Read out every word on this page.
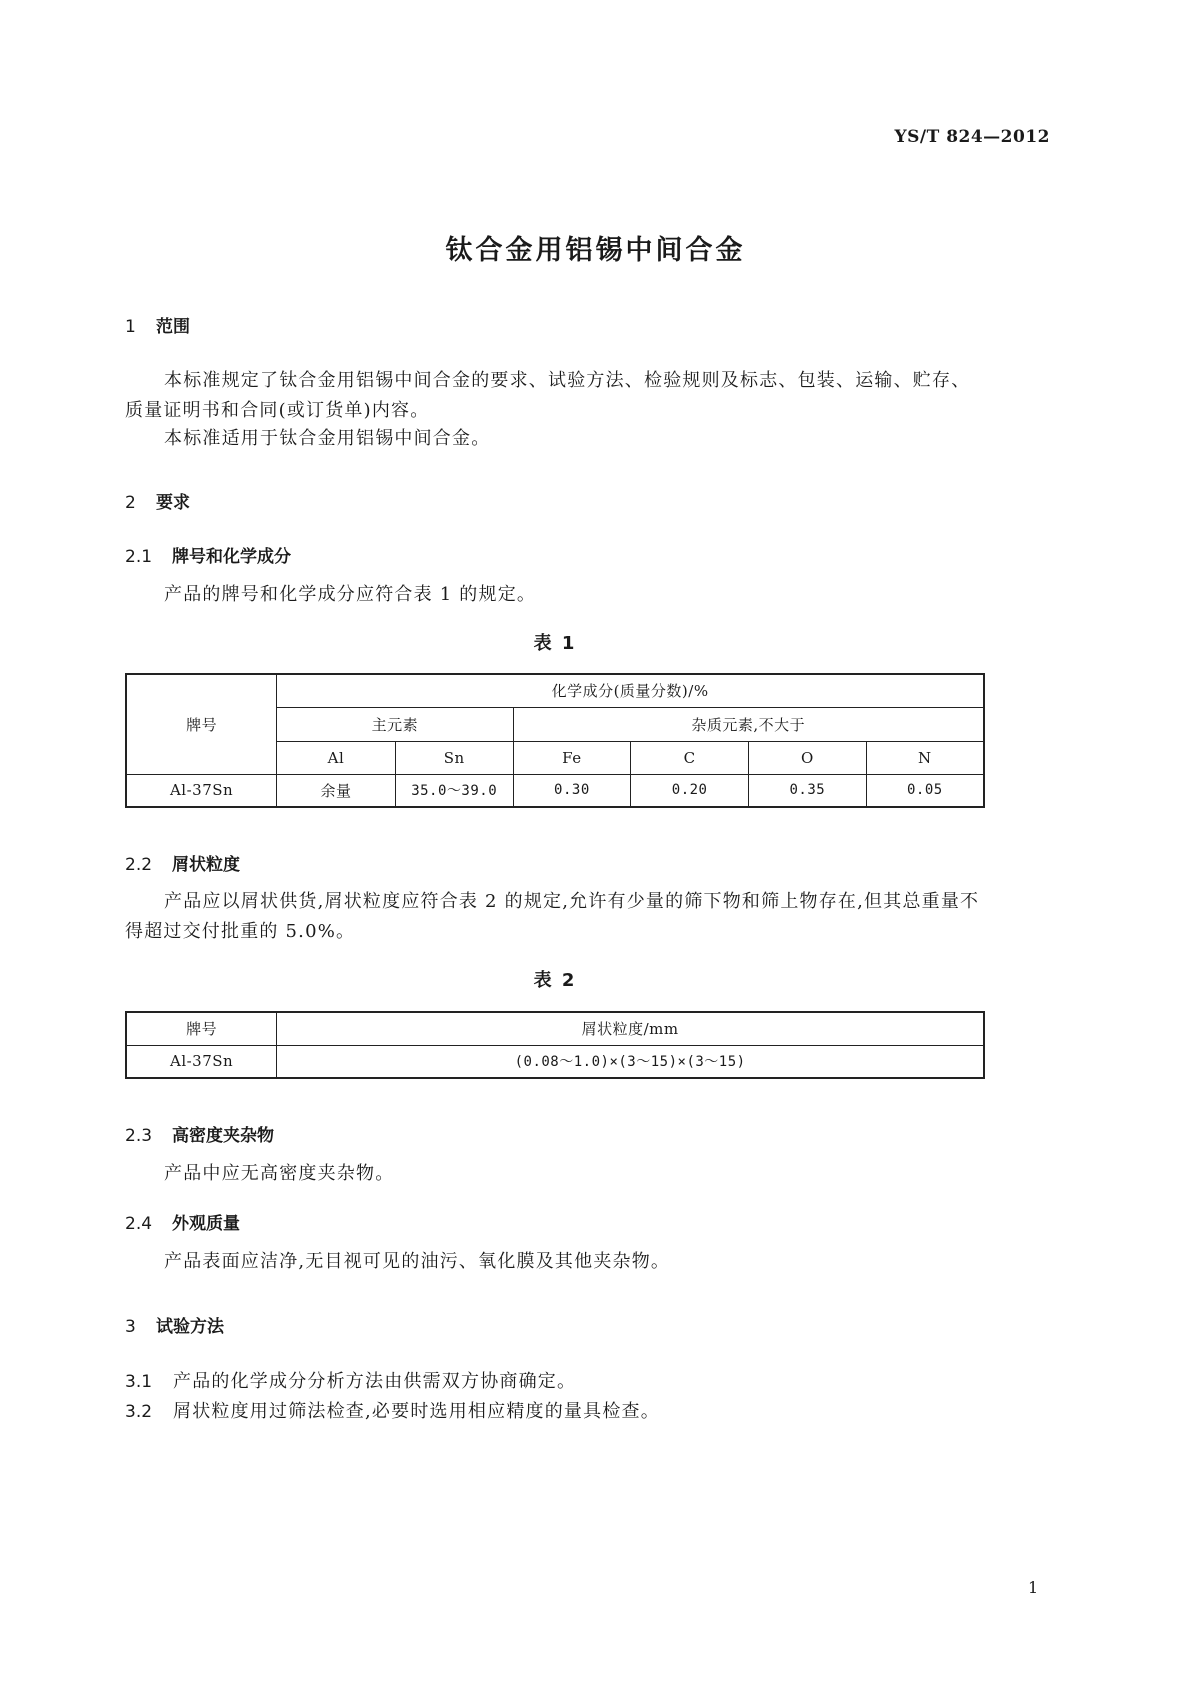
YS/T 824—2012
钛合金用铝锡中间合金
1 范围
本标准规定了钛合金用铝锡中间合金的要求、试验方法、检验规则及标志、包装、运输、贮存、质量证明书和合同(或订货单)内容。
本标准适用于钛合金用铝锡中间合金。
2 要求
2.1 牌号和化学成分
产品的牌号和化学成分应符合表 1 的规定。
表 1
牌号	化学成分(质量分数)/%					
	主元素		杂质元素,不大于			
	Al	Sn	Fe	C	O	N
Al-37Sn	余量	35.0～39.0	0.30	0.20	0.35	0.05
2.2 屑状粒度
产品应以屑状供货,屑状粒度应符合表 2 的规定,允许有少量的筛下物和筛上物存在,但其总重量不得超过交付批重的 5.0%。
表 2
牌号	屑状粒度/mm
Al-37Sn	(0.08～1.0)×(3～15)×(3～15)
2.3 高密度夹杂物
产品中应无高密度夹杂物。
2.4 外观质量
产品表面应洁净,无目视可见的油污、氧化膜及其他夹杂物。
3 试验方法
3.1 产品的化学成分分析方法由供需双方协商确定。
3.2 屑状粒度用过筛法检查,必要时选用相应精度的量具检查。
1
